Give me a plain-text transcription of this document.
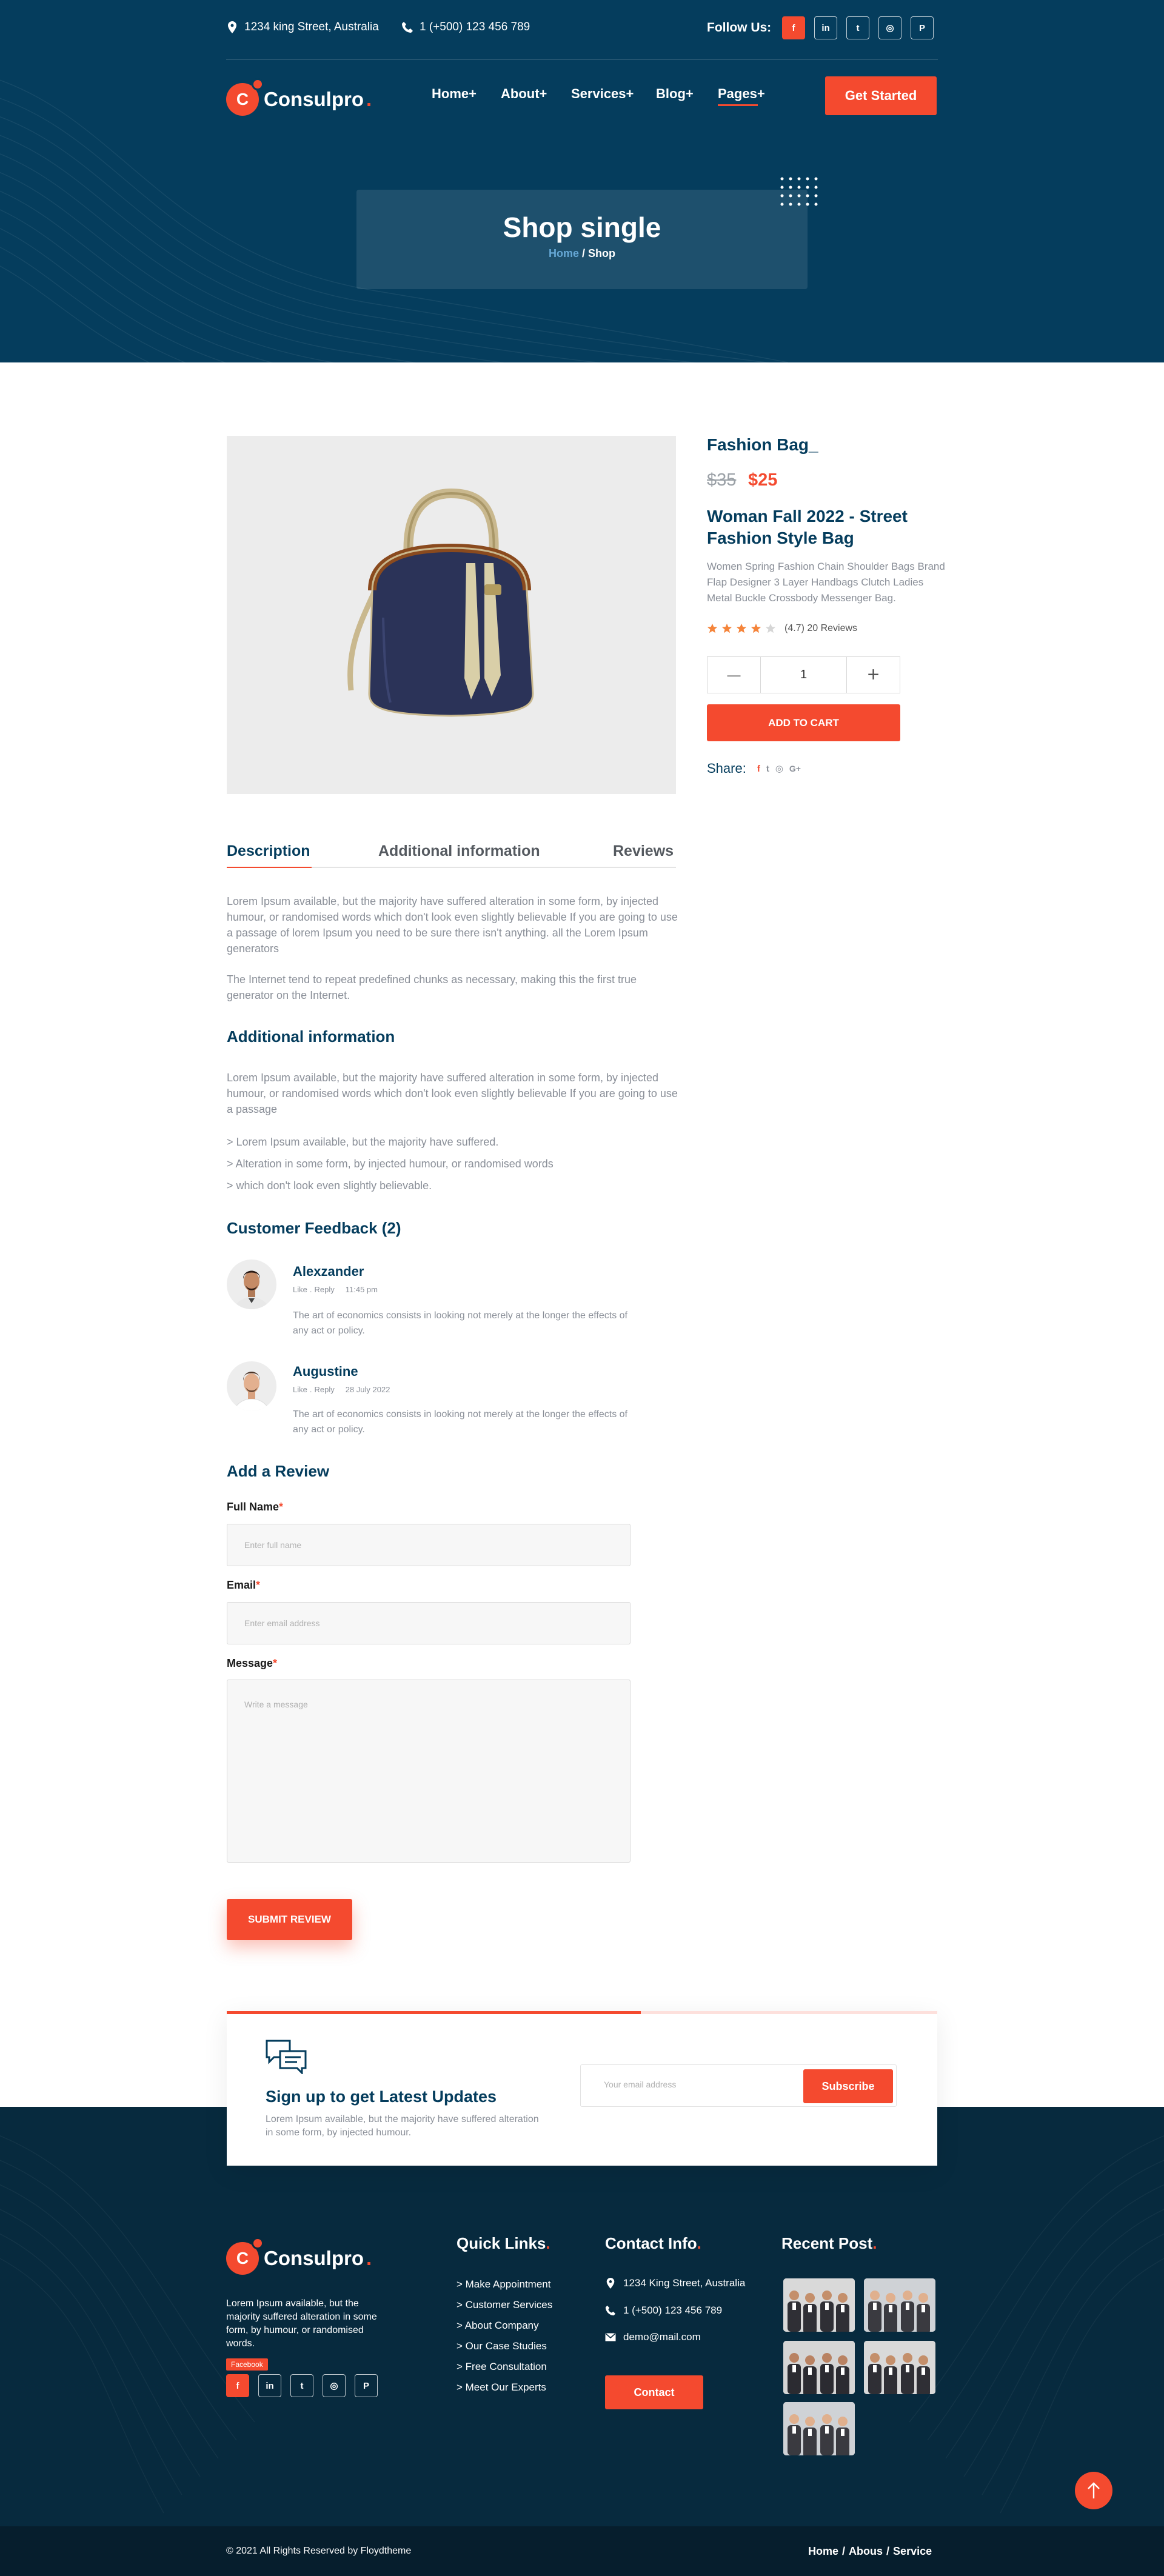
1234 king Street, Australia	1 (+500) 123 456 789	Follow Us:	f	in	t	◎	P
C Consulpro .	Home+ About+ Services+ Blog+ Pages+	Get Started
Shop single
Home / Shop
Fashion Bag_
$35 $25
Woman Fall 2022 - Street Fashion Style Bag
Women Spring Fashion Chain Shoulder Bags Brand Flap Designer 3 Layer Handbags Clutch Ladies Metal Buckle Crossbody Messenger Bag.
(4.7) 20 Reviews
—	1	+
ADD TO CART
Share: f t ◎ G+
Description	Additional information	Reviews
Lorem Ipsum available, but the majority have suffered alteration in some form, by injected humour, or randomised words which don't look even slightly believable If you are going to use a passage of lorem Ipsum you need to be sure there isn't anything. all the Lorem Ipsum generators
The Internet tend to repeat predefined chunks as necessary, making this the first true generator on the Internet.
Additional information
Lorem Ipsum available, but the majority have suffered alteration in some form, by injected humour, or randomised words which don't look even slightly believable If you are going to use a passage
> Lorem Ipsum available, but the majority have suffered.
> Alteration in some form, by injected humour, or randomised words
> which don't look even slightly believable.
Customer Feedback (2)
Alexzander
Like . Reply 11:45 pm
The art of economics consists in looking not merely at the longer the effects of any act or policy.
Augustine
Like . Reply 28 July 2022
The art of economics consists in looking not merely at the longer the effects of any act or policy.
Add a Review
Full Name*
Enter full name
Email*
Enter email address
Message*
Write a message
SUBMIT REVIEW
C Consulpro .
Lorem Ipsum available, but the majority suffered alteration in some form, by humour, or randomised words.
Facebook
f	in	t	◎	P
Quick Links.
> Make Appointment
> Customer Services
> About Company
> Our Case Studies
> Free Consultation
> Meet Our Experts
Contact Info.
1234 King Street, Australia
1 (+500) 123 456 789
demo@mail.com
Contact
Recent Post.
© 2021 All Rights Reserved by Floydtheme	Home / Abous / Service
Sign up to get Latest Updates
Lorem Ipsum available, but the majority have suffered alteration in some form, by injected humour.
Your email address	Subscribe
